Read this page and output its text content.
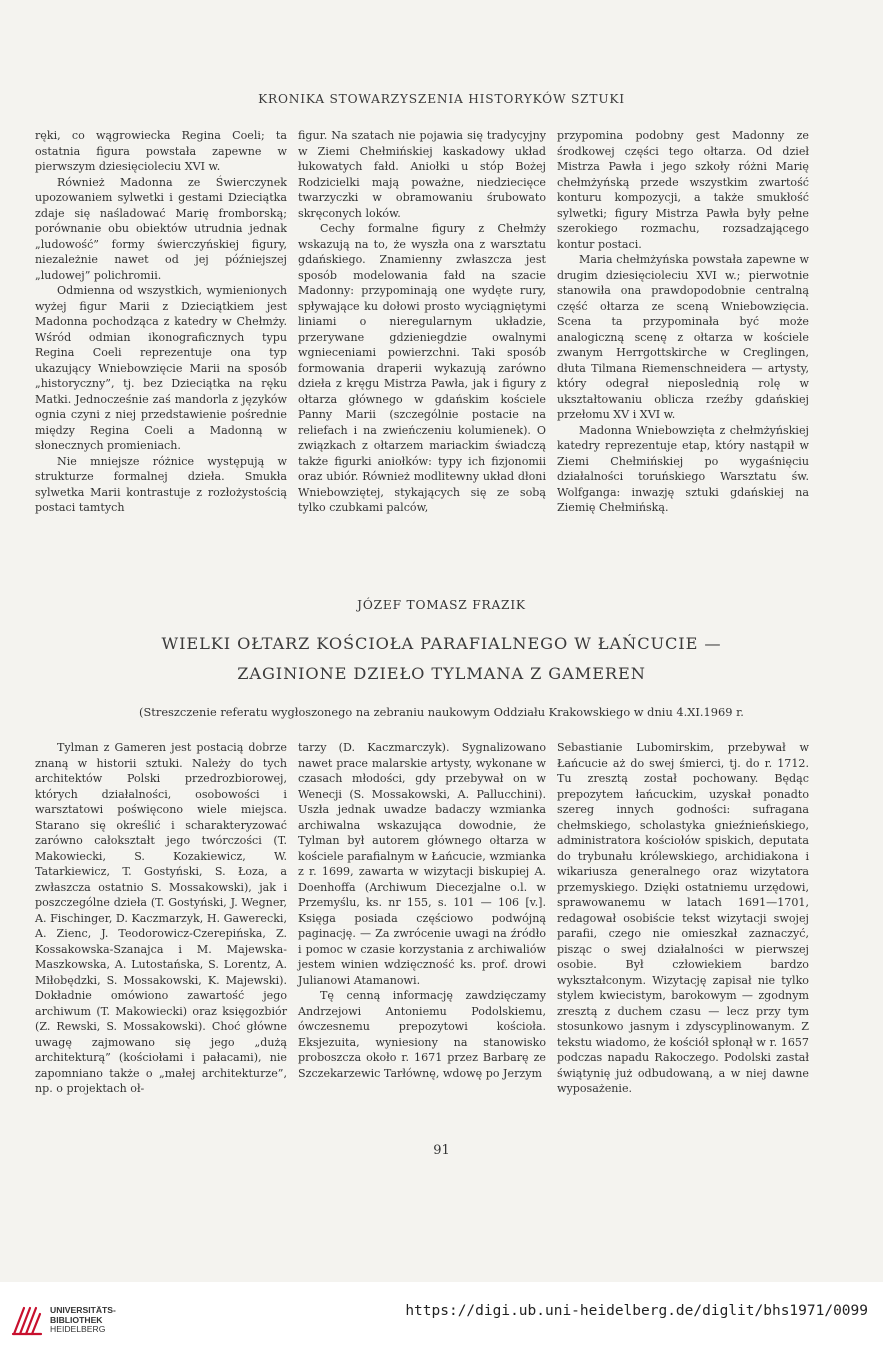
KRONIKA STOWARZYSZENIA HISTORYKÓW SZTUKI

ręki, co wągrowiecka Regina Coeli; ta ostatnia figura powstała zapewne w pierwszym dziesięcioleciu XVI w.

Również Madonna ze Świerczynek upozowaniem sylwetki i gestami Dzieciątka zdaje się naśladować Marię fromborską; porównanie obu obiektów utrudnia jednak „ludowość” formy świerczyńskiej figury, niezależnie nawet od jej późniejszej „ludowej” polichromii.

Odmienna od wszystkich, wymienionych wyżej figur Marii z Dzieciątkiem jest Madonna pochodząca z katedry w Chełmży. Wśród odmian ikonograficznych typu Regina Coeli reprezentuje ona typ ukazujący Wniebowzięcie Marii na sposób „historyczny”, tj. bez Dzieciątka na ręku Matki. Jednocześnie zaś mandorla z języków ognia czyni z niej przedstawienie pośrednie między Regina Coeli a Madonną w słonecznych promieniach.

Nie mniejsze różnice występują w strukturze formalnej dzieła. Smukła sylwetka Marii kontrastuje z rozłożystością postaci tamtych

figur. Na szatach nie pojawia się tradycyjny w Ziemi Chełmińskiej kaskadowy układ łukowatych fałd. Aniołki u stóp Bożej Rodzicielki mają poważne, niedziecięce twarzyczki w obramowaniu śrubowato skręconych loków.

Cechy formalne figury z Chełmży wskazują na to, że wyszła ona z warsztatu gdańskiego. Znamienny zwłaszcza jest sposób modelowania fałd na szacie Madonny: przypominają one wydęte rury, spływające ku dołowi prosto wyciągniętymi liniami o nieregularnym układzie, przerywane gdzieniegdzie owalnymi wgnieceniami powierzchni. Taki sposób formowania draperii wykazują zarówno dzieła z kręgu Mistrza Pawła, jak i figury z ołtarza głównego w gdańskim kościele Panny Marii (szczególnie postacie na reliefach i na zwieńczeniu kolumienek). O związkach z ołtarzem mariackim świadczą także figurki aniołków: typy ich fizjonomii oraz ubiór. Również modlitewny układ dłoni Wniebowziętej, stykających się ze sobą tylko czubkami palców,

przypomina podobny gest Madonny ze środkowej części tego ołtarza. Od dzieł Mistrza Pawła i jego szkoły różni Marię chełmżyńską przede wszystkim zwartość konturu kompozycji, a także smukłość sylwetki; figury Mistrza Pawła były pełne szerokiego rozmachu, rozsadzającego kontur postaci.

Maria chełmżyńska powstała zapewne w drugim dziesięcioleciu XVI w.; pierwotnie stanowiła ona prawdopodobnie centralną część ołtarza ze sceną Wniebowzięcia. Scena ta przypominała być może analogiczną scenę z ołtarza w kościele zwanym Herrgottskirche w Creglingen, dłuta Tilmana Riemenschneidera — artysty, który odegrał nieposlednią rolę w ukształtowaniu oblicza rzeźby gdańskiej przełomu XV i XVI w.

Madonna Wniebowzięta z chełmżyńskiej katedry reprezentuje etap, który nastąpił w Ziemi Chełmińskiej po wygaśnięciu działalności toruńskiego Warsztatu św. Wolfganga: inwazję sztuki gdańskiej na Ziemię Chełmińską.

JÓZEF TOMASZ FRAZIK
WIELKI OŁTARZ KOŚCIOŁA PARAFIALNEGO W ŁAŃCUCIE —
ZAGINIONE DZIEŁO TYLMANA Z GAMEREN
(Streszczenie referatu wygłoszonego na zebraniu naukowym Oddziału Krakowskiego w dniu 4.XI.1969 r.

Tylman z Gameren jest postacią dobrze znaną w historii sztuki. Należy do tych architektów Polski przedrozbiorowej, których działalności, osobowości i warsztatowi poświęcono wiele miejsca. Starano się określić i scharakteryzować zarówno całokształt jego twórczości (T. Makowiecki, S. Kozakiewicz, W. Tatarkiewicz, T. Gostyński, S. Łoza, a zwłaszcza ostatnio S. Mossakowski), jak i poszczególne dzieła (T. Gostyński, J. Wegner, A. Fischinger, D. Kaczmarzyk, H. Gawerecki, A. Zienc, J. Teodorowicz-Czerepińska, Z. Kossakowska-Szanajca i M. Majewska-Maszkowska, A. Lutostańska, S. Lorentz, A. Miłobędzki, S. Mossakowski, K. Majewski). Dokładnie omówiono zawartość jego archiwum (T. Makowiecki) oraz księgozbiór (Z. Rewski, S. Mossakowski). Choć główne uwagę zajmowano się jego „dużą architekturą” (kościołami i pałacami), nie zapomniano także o „małej architekturze”, np. o projektach oł-

tarzy (D. Kaczmarczyk). Sygnalizowano nawet prace malarskie artysty, wykonane w czasach młodości, gdy przebywał on w Wenecji (S. Mossakowski, A. Pallucchini). Uszła jednak uwadze badaczy wzmianka archiwalna wskazująca dowodnie, że Tylman był autorem głównego ołtarza w kościele parafialnym w Łańcucie, wzmianka z r. 1699, zawarta w wizytacji biskupiej A. Doenhoffa (Archiwum Diecezjalne o.l. w Przemyślu, ks. nr 155, s. 101 — 106 [v.]. Księga posiada częściowo podwójną paginację. — Za zwrócenie uwagi na źródło i pomoc w czasie korzystania z archiwaliów jestem winien wdzięczność ks. prof. drowi Julianowi Atamanowi.

Tę cenną informację zawdzięczamy Andrzejowi Antoniemu Podolskiemu, ówczesnemu prepozytowi kościoła. Eksjezuita, wyniesiony na stanowisko proboszcza około r. 1671 przez Barbarę ze Szczekarzewic Tarłównę, wdowę po Jerzym

Sebastianie Lubomirskim, przebywał w Łańcucie aż do swej śmierci, tj. do r. 1712. Tu zresztą został pochowany. Będąc prepozytem łańcuckim, uzyskał ponadto szereg innych godności: sufragana chełmskiego, scholastyka gnieźnieńskiego, administratora kościołów spiskich, deputata do trybunału królewskiego, archidiakona i wikariusza generalnego oraz wizytatora przemyskiego. Dzięki ostatniemu urzędowi, sprawowanemu w latach 1691—1701, redagował osobiście tekst wizytacji swojej parafii, czego nie omieszkał zaznaczyć, pisząc o swej działalności w pierwszej osobie. Był człowiekiem bardzo wykształconym. Wizytację zapisał nie tylko stylem kwiecistym, barokowym — zgodnym zresztą z duchem czasu — lecz przy tym stosunkowo jasnym i zdyscyplinowanym. Z tekstu wiadomo, że kościół spłonął w r. 1657 podczas napadu Rakoczego. Podolski zastał świątynię już odbudowaną, a w niej dawne wyposażenie.

91
UNIVERSITÄTS-
BIBLIOTHEK
HEIDELBERG
https://digi.ub.uni-heidelberg.de/diglit/bhs1971/0099
